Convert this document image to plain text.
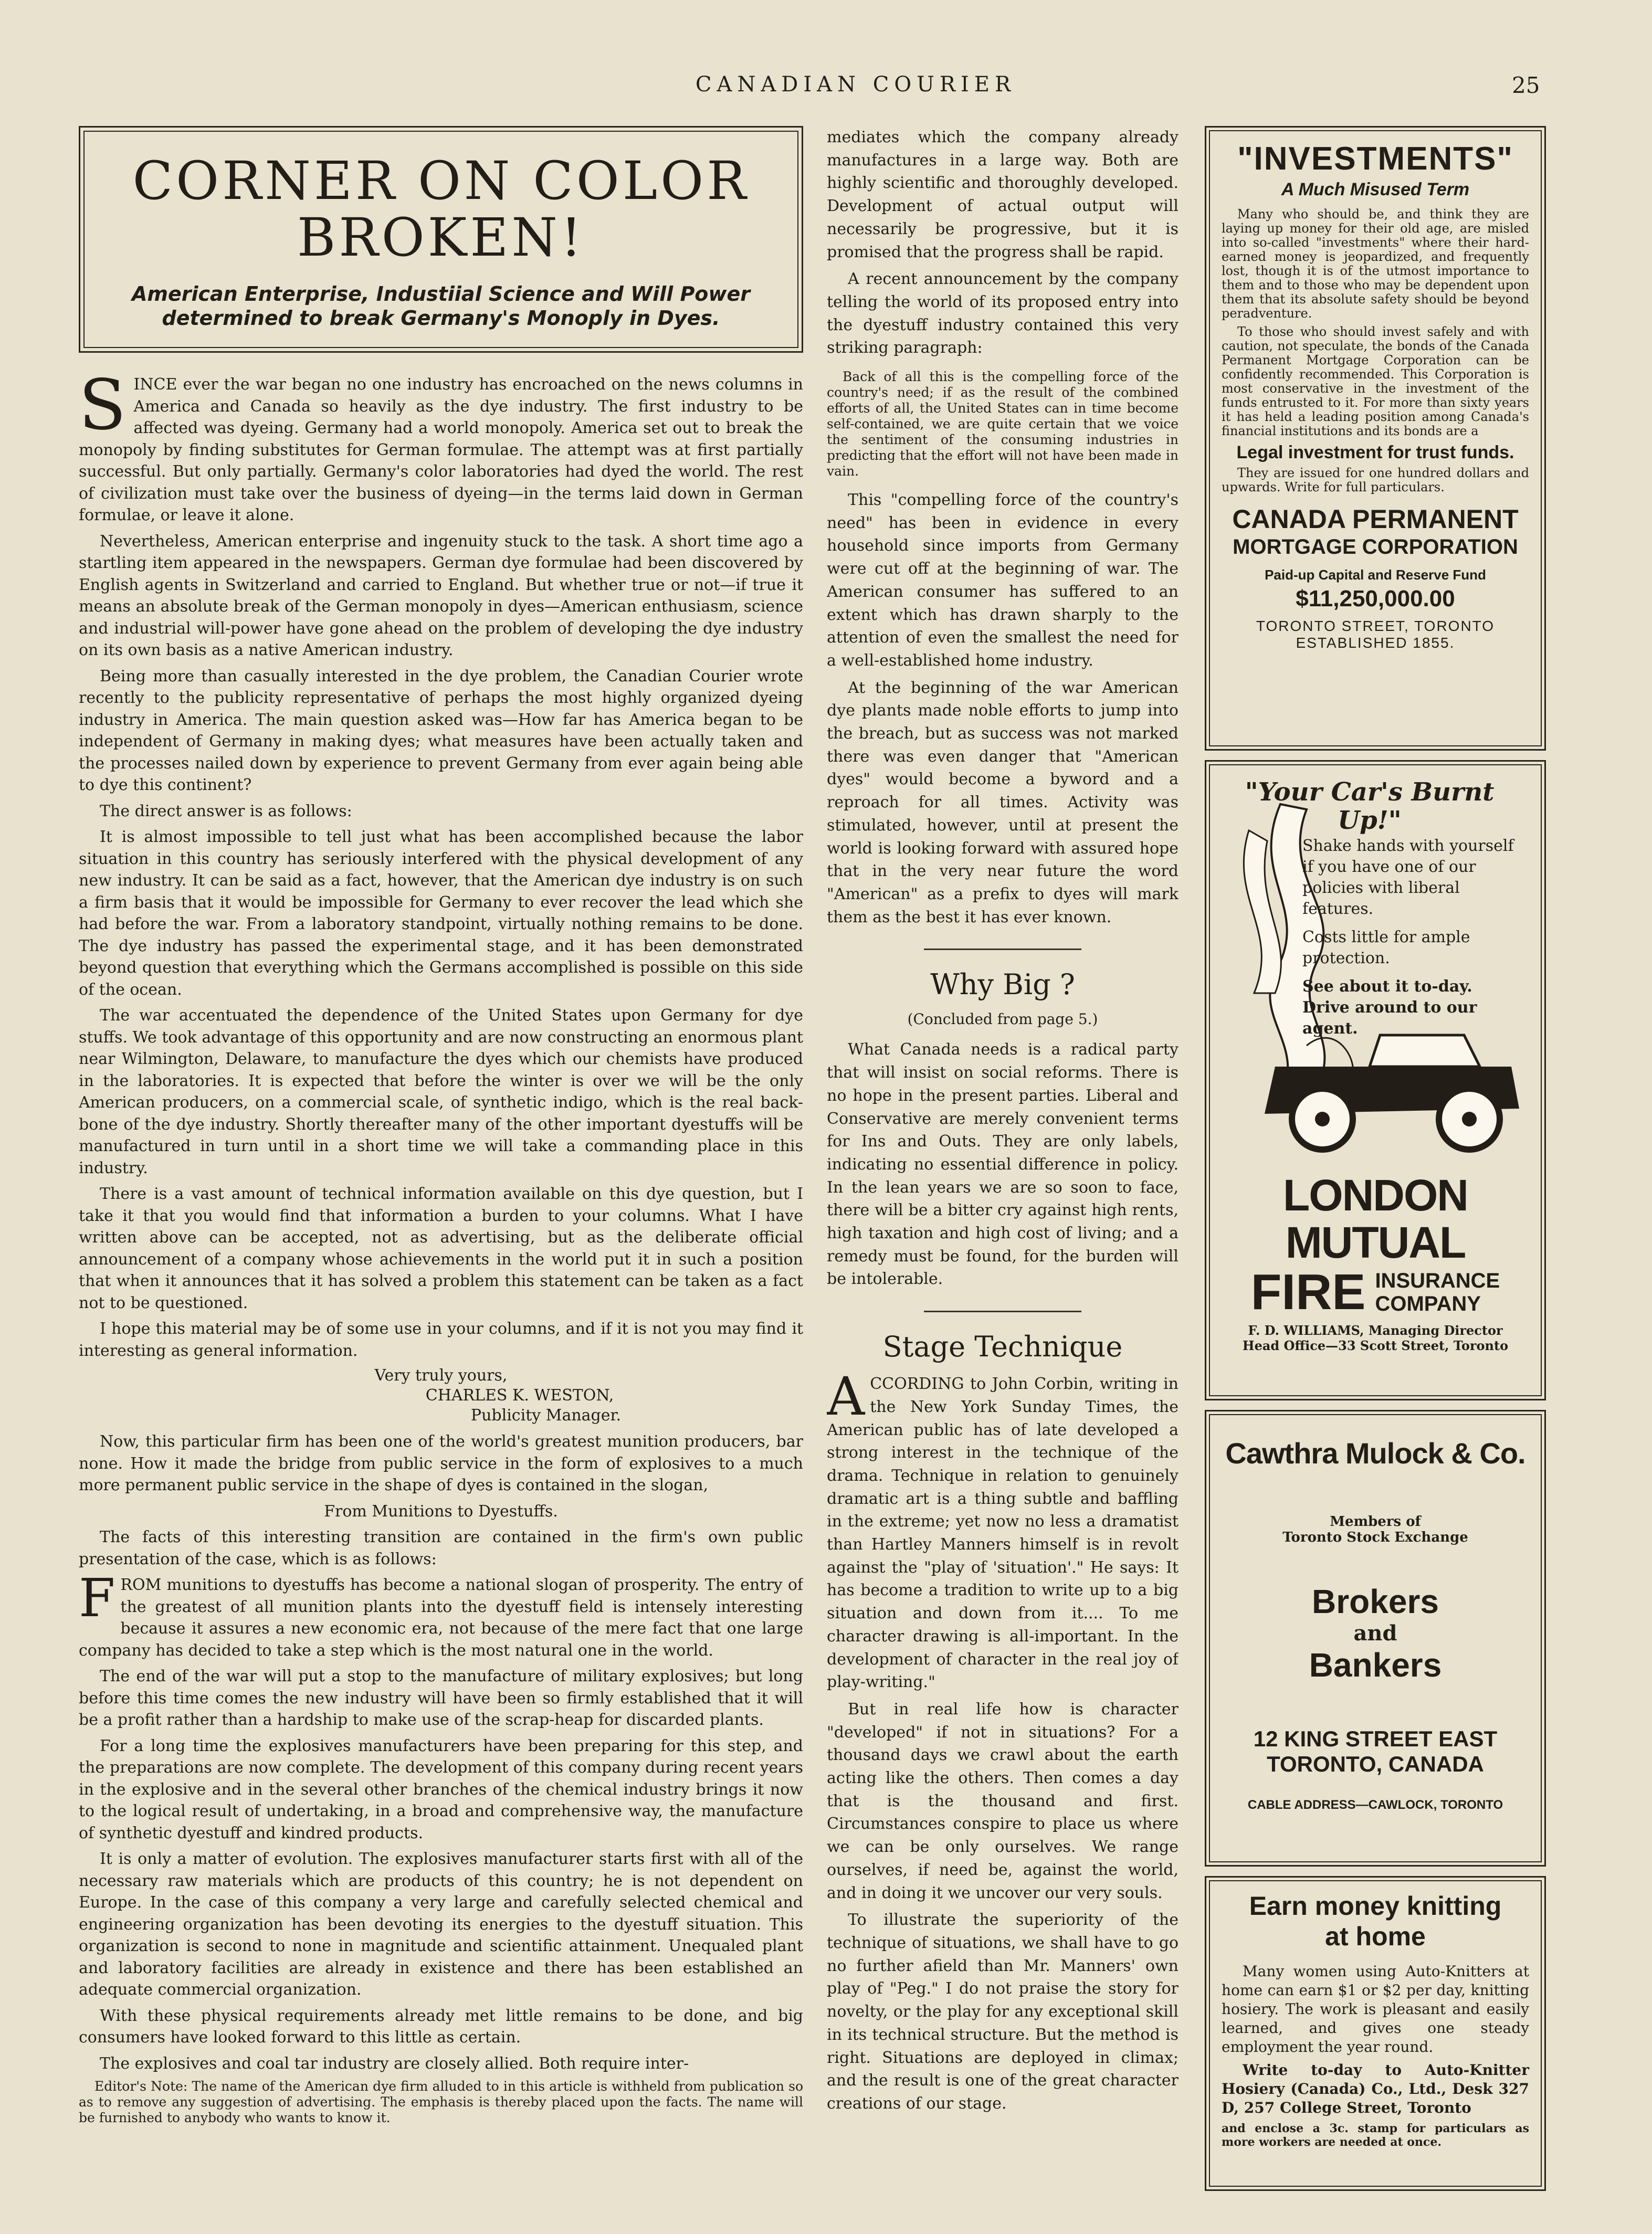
CANADIAN COURIER	25
CORNER ON COLOR
BROKEN!

American Enterprise, Industiial Science and Will Power determined to break Germany's Monoply in Dyes.

SINCE ever the war began no one industry has encroached on the news columns in America and Canada so heavily as the dye industry. The first industry to be affected was dyeing. Germany had a world monopoly. America set out to break the monopoly by finding substitutes for German formulae. The attempt was at first partially successful. But only partially. Germany's color laboratories had dyed the world. The rest of civilization must take over the business of dyeing—in the terms laid down in German formulae, or leave it alone.

Nevertheless, American enterprise and ingenuity stuck to the task. A short time ago a startling item appeared in the newspapers. German dye formulae had been discovered by English agents in Switzerland and carried to England. But whether true or not—if true it means an absolute break of the German monopoly in dyes—American enthusiasm, science and industrial will-power have gone ahead on the problem of developing the dye industry on its own basis as a native American industry.

Being more than casually interested in the dye problem, the Canadian Courier wrote recently to the publicity representative of perhaps the most highly organized dyeing industry in America. The main question asked was—How far has America began to be independent of Germany in making dyes; what measures have been actually taken and the processes nailed down by experience to prevent Germany from ever again being able to dye this continent?

The direct answer is as follows:

It is almost impossible to tell just what has been accomplished because the labor situation in this country has seriously interfered with the physical development of any new industry. It can be said as a fact, however, that the American dye industry is on such a firm basis that it would be impossible for Germany to ever recover the lead which she had before the war. From a laboratory standpoint, virtually nothing remains to be done. The dye industry has passed the experimental stage, and it has been demonstrated beyond question that everything which the Germans accomplished is possible on this side of the ocean.

The war accentuated the dependence of the United States upon Germany for dye stuffs. We took advantage of this opportunity and are now constructing an enormous plant near Wilmington, Delaware, to manufacture the dyes which our chemists have produced in the laboratories. It is expected that before the winter is over we will be the only American producers, on a commercial scale, of synthetic indigo, which is the real back-bone of the dye industry. Shortly thereafter many of the other important dyestuffs will be manufactured in turn until in a short time we will take a commanding place in this industry.

There is a vast amount of technical information available on this dye question, but I take it that you would find that information a burden to your columns. What I have written above can be accepted, not as advertising, but as the deliberate official announcement of a company whose achievements in the world put it in such a position that when it announces that it has solved a problem this statement can be taken as a fact not to be questioned.

I hope this material may be of some use in your columns, and if it is not you may find it interesting as general information.

Very truly yours,

CHARLES K. WESTON,

Publicity Manager.

Now, this particular firm has been one of the world's greatest munition producers, bar none. How it made the bridge from public service in the form of explosives to a much more permanent public service in the shape of dyes is contained in the slogan,

From Munitions to Dyestuffs.

The facts of this interesting transition are contained in the firm's own public presentation of the case, which is as follows:

FROM munitions to dyestuffs has become a national slogan of prosperity. The entry of the greatest of all munition plants into the dyestuff field is intensely interesting because it assures a new economic era, not because of the mere fact that one large company has decided to take a step which is the most natural one in the world.

The end of the war will put a stop to the manufacture of military explosives; but long before this time comes the new industry will have been so firmly established that it will be a profit rather than a hardship to make use of the scrap-heap for discarded plants.

For a long time the explosives manufacturers have been preparing for this step, and the preparations are now complete. The development of this company during recent years in the explosive and in the several other branches of the chemical industry brings it now to the logical result of undertaking, in a broad and comprehensive way, the manufacture of synthetic dyestuff and kindred products.

It is only a matter of evolution. The explosives manufacturer starts first with all of the necessary raw materials which are products of this country; he is not dependent on Europe. In the case of this company a very large and carefully selected chemical and engineering organization has been devoting its energies to the dyestuff situation. This organization is second to none in magnitude and scientific attainment. Unequaled plant and laboratory facilities are already in existence and there has been established an adequate commercial organization.

With these physical requirements already met little remains to be done, and big consumers have looked forward to this little as certain.

The explosives and coal tar industry are closely allied. Both require inter-

Editor's Note: The name of the American dye firm alluded to in this article is withheld from publication so as to remove any suggestion of advertising. The emphasis is thereby placed upon the facts. The name will be furnished to anybody who wants to know it.

mediates which the company already manufactures in a large way. Both are highly scientific and thoroughly developed. Development of actual output will necessarily be progressive, but it is promised that the progress shall be rapid.

A recent announcement by the company telling the world of its proposed entry into the dyestuff industry contained this very striking paragraph:

Back of all this is the compelling force of the country's need; if as the result of the combined efforts of all, the United States can in time become self-contained, we are quite certain that we voice the sentiment of the consuming industries in predicting that the effort will not have been made in vain.

This "compelling force of the country's need" has been in evidence in every household since imports from Germany were cut off at the beginning of war. The American consumer has suffered to an extent which has drawn sharply to the attention of even the smallest the need for a well-established home industry.

At the beginning of the war American dye plants made noble efforts to jump into the breach, but as success was not marked there was even danger that "American dyes" would become a byword and a reproach for all times. Activity was stimulated, however, until at present the world is looking forward with assured hope that in the very near future the word "American" as a prefix to dyes will mark them as the best it has ever known.

Why Big ?

(Concluded from page 5.)

What Canada needs is a radical party that will insist on social reforms. There is no hope in the present parties. Liberal and Conservative are merely convenient terms for Ins and Outs. They are only labels, indicating no essential difference in policy. In the lean years we are so soon to face, there will be a bitter cry against high rents, high taxation and high cost of living; and a remedy must be found, for the burden will be intolerable.

Stage Technique

ACCORDING to John Corbin, writing in the New York Sunday Times, the American public has of late developed a strong interest in the technique of the drama. Technique in relation to genuinely dramatic art is a thing subtle and baffling in the extreme; yet now no less a dramatist than Hartley Manners himself is in revolt against the "play of 'situation'." He says: It has become a tradition to write up to a big situation and down from it.... To me character drawing is all-important. In the development of character in the real joy of play-writing."

But in real life how is character "developed" if not in situations? For a thousand days we crawl about the earth acting like the others. Then comes a day that is the thousand and first. Circumstances conspire to place us where we can be only ourselves. We range ourselves, if need be, against the world, and in doing it we uncover our very souls.

To illustrate the superiority of the technique of situations, we shall have to go no further afield than Mr. Manners' own play of "Peg." I do not praise the story for novelty, or the play for any exceptional skill in its technical structure. But the method is right. Situations are deployed in climax; and the result is one of the great character creations of our stage.

"INVESTMENTS"

A Much Misused Term

Many who should be, and think they are laying up money for their old age, are misled into so-called "investments" where their hard-earned money is jeopardized, and frequently lost, though it is of the utmost importance to them and to those who may be dependent upon them that its absolute safety should be beyond peradventure.

To those who should invest safely and with caution, not speculate, the bonds of the Canada Permanent Mortgage Corporation can be confidently recommended. This Corporation is most conservative in the investment of the funds entrusted to it. For more than sixty years it has held a leading position among Canada's financial institutions and its bonds are a

Legal investment for trust funds.

They are issued for one hundred dollars and upwards. Write for full particulars.

CANADA PERMANENT

MORTGAGE CORPORATION

Paid-up Capital and Reserve Fund

$11,250,000.00

TORONTO STREET, TORONTO

ESTABLISHED 1855.

"Your Car's Burnt Up!"

Shake hands with yourself if you have one of our policies with liberal features.

Costs little for ample protection.

See about it to-day. Drive around to our agent.

LONDON MUTUAL

FIRE INSURANCE
COMPANY

F. D. WILLIAMS, Managing Director

Head Office—33 Scott Street, Toronto

Cawthra Mulock & Co.

Members of

Toronto Stock Exchange

Brokers

and

Bankers

12 KING STREET EAST

TORONTO, CANADA

CABLE ADDRESS—CAWLOCK, TORONTO

Earn money knitting

at home

Many women using Auto-Knitters at home can earn $1 or $2 per day, knitting hosiery. The work is pleasant and easily learned, and gives one steady employment the year round.

Write to-day to Auto-Knitter Hosiery (Canada) Co., Ltd., Desk 327 D, 257 College Street, Toronto

and enclose a 3c. stamp for particulars as more workers are needed at once.
